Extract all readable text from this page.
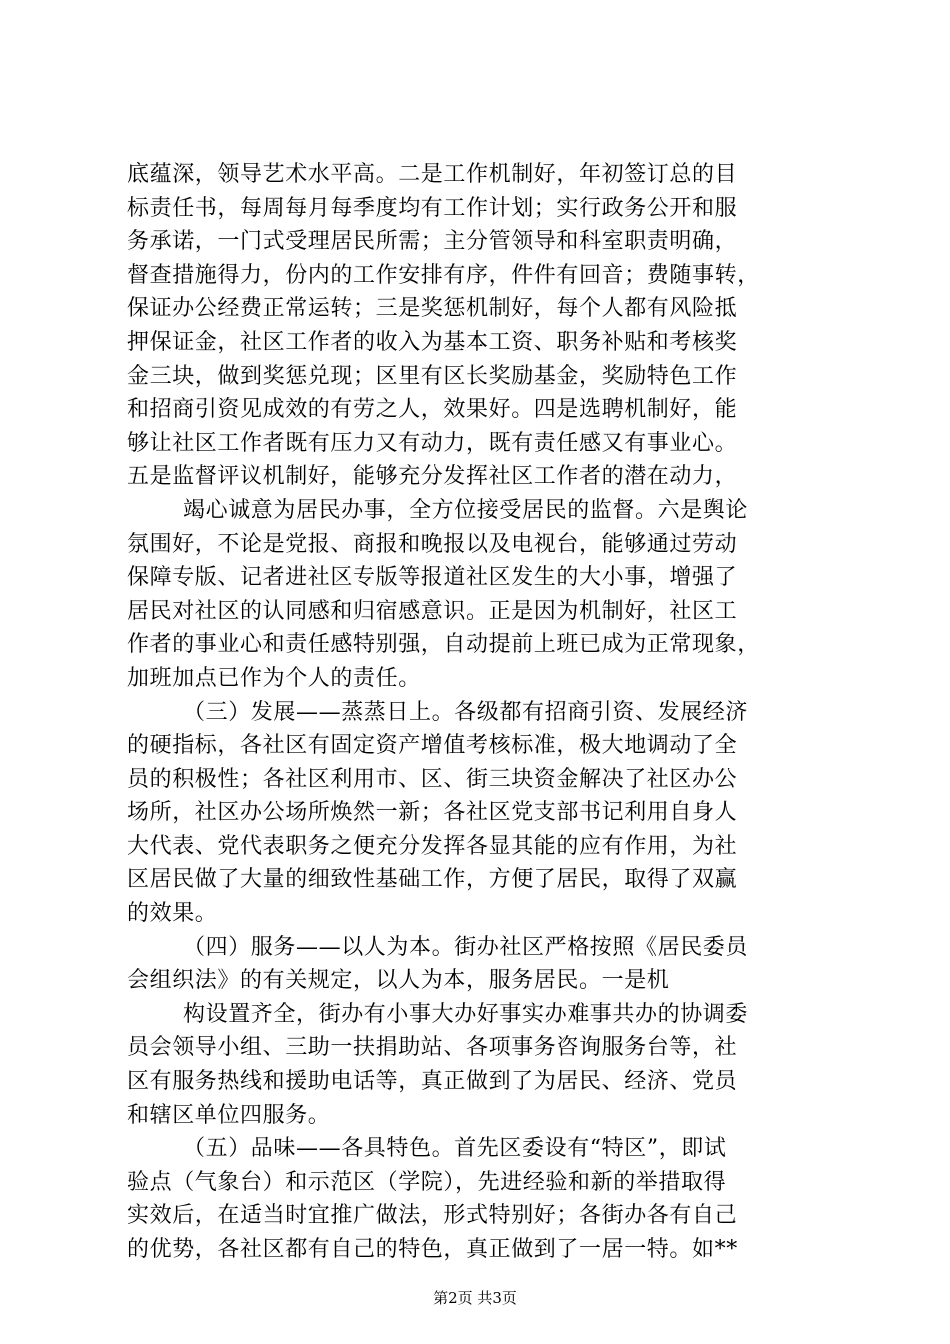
底蕴深，领导艺术水平高。二是工作机制好，年初签订总的目
标责任书，每周每月每季度均有工作计划；实行政务公开和服
务承诺，一门式受理居民所需；主分管领导和科室职责明确，
督查措施得力，份内的工作安排有序，件件有回音；费随事转，
保证办公经费正常运转；三是奖惩机制好，每个人都有风险抵
押保证金，社区工作者的收入为基本工资、职务补贴和考核奖
金三块，做到奖惩兑现；区里有区长奖励基金，奖励特色工作
和招商引资见成效的有劳之人，效果好。四是选聘机制好，能
够让社区工作者既有压力又有动力，既有责任感又有事业心。
五是监督评议机制好，能够充分发挥社区工作者的潜在动力，
竭心诚意为居民办事，全方位接受居民的监督。六是舆论
氛围好，不论是党报、商报和晚报以及电视台，能够通过劳动
保障专版、记者进社区专版等报道社区发生的大小事，增强了
居民对社区的认同感和归宿感意识。正是因为机制好，社区工
作者的事业心和责任感特别强，自动提前上班已成为正常现象，
加班加点已作为个人的责任。
（三）发展——蒸蒸日上。各级都有招商引资、发展经济
的硬指标，各社区有固定资产增值考核标准，极大地调动了全
员的积极性；各社区利用市、区、街三块资金解决了社区办公
场所，社区办公场所焕然一新；各社区党支部书记利用自身人
大代表、党代表职务之便充分发挥各显其能的应有作用，为社
区居民做了大量的细致性基础工作，方便了居民，取得了双赢
的效果。
（四）服务——以人为本。街办社区严格按照《居民委员
会组织法》的有关规定，以人为本，服务居民。一是机
构设置齐全，街办有小事大办好事实办难事共办的协调委
员会领导小组、三助一扶捐助站、各项事务咨询服务台等，社
区有服务热线和援助电话等，真正做到了为居民、经济、党员
和辖区单位四服务。
（五）品味——各具特色。首先区委设有“特区”，即试
验点（气象台）和示范区（学院），先进经验和新的举措取得
实效后，在适当时宜推广做法，形式特别好；各街办各有自己
的优势，各社区都有自己的特色，真正做到了一居一特。如**
第2页 共3页
